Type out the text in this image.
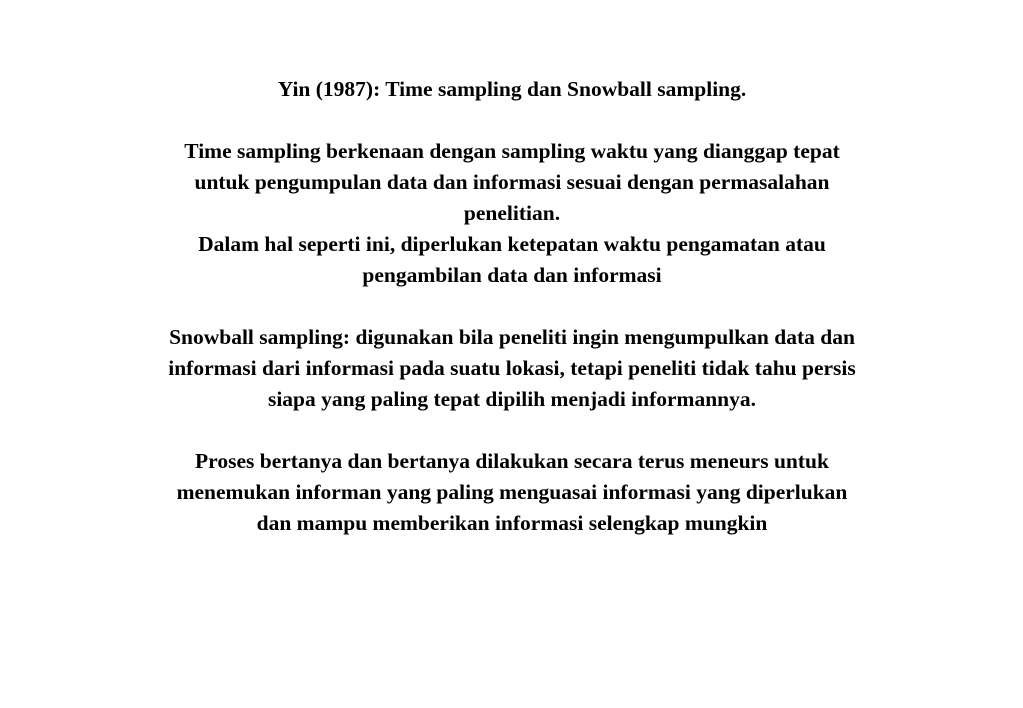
Yin (1987): Time sampling dan Snowball sampling.
Time sampling berkenaan dengan sampling waktu yang dianggap tepat
untuk pengumpulan data dan informasi sesuai dengan permasalahan
penelitian.
Dalam hal seperti ini, diperlukan ketepatan waktu pengamatan atau
pengambilan data dan informasi
Snowball sampling: digunakan bila peneliti ingin mengumpulkan data dan
informasi dari informasi pada suatu lokasi, tetapi peneliti tidak tahu persis
siapa yang paling tepat dipilih menjadi informannya.
Proses bertanya dan bertanya dilakukan secara terus meneurs untuk
menemukan informan yang paling menguasai informasi yang diperlukan
dan mampu memberikan informasi selengkap mungkin
